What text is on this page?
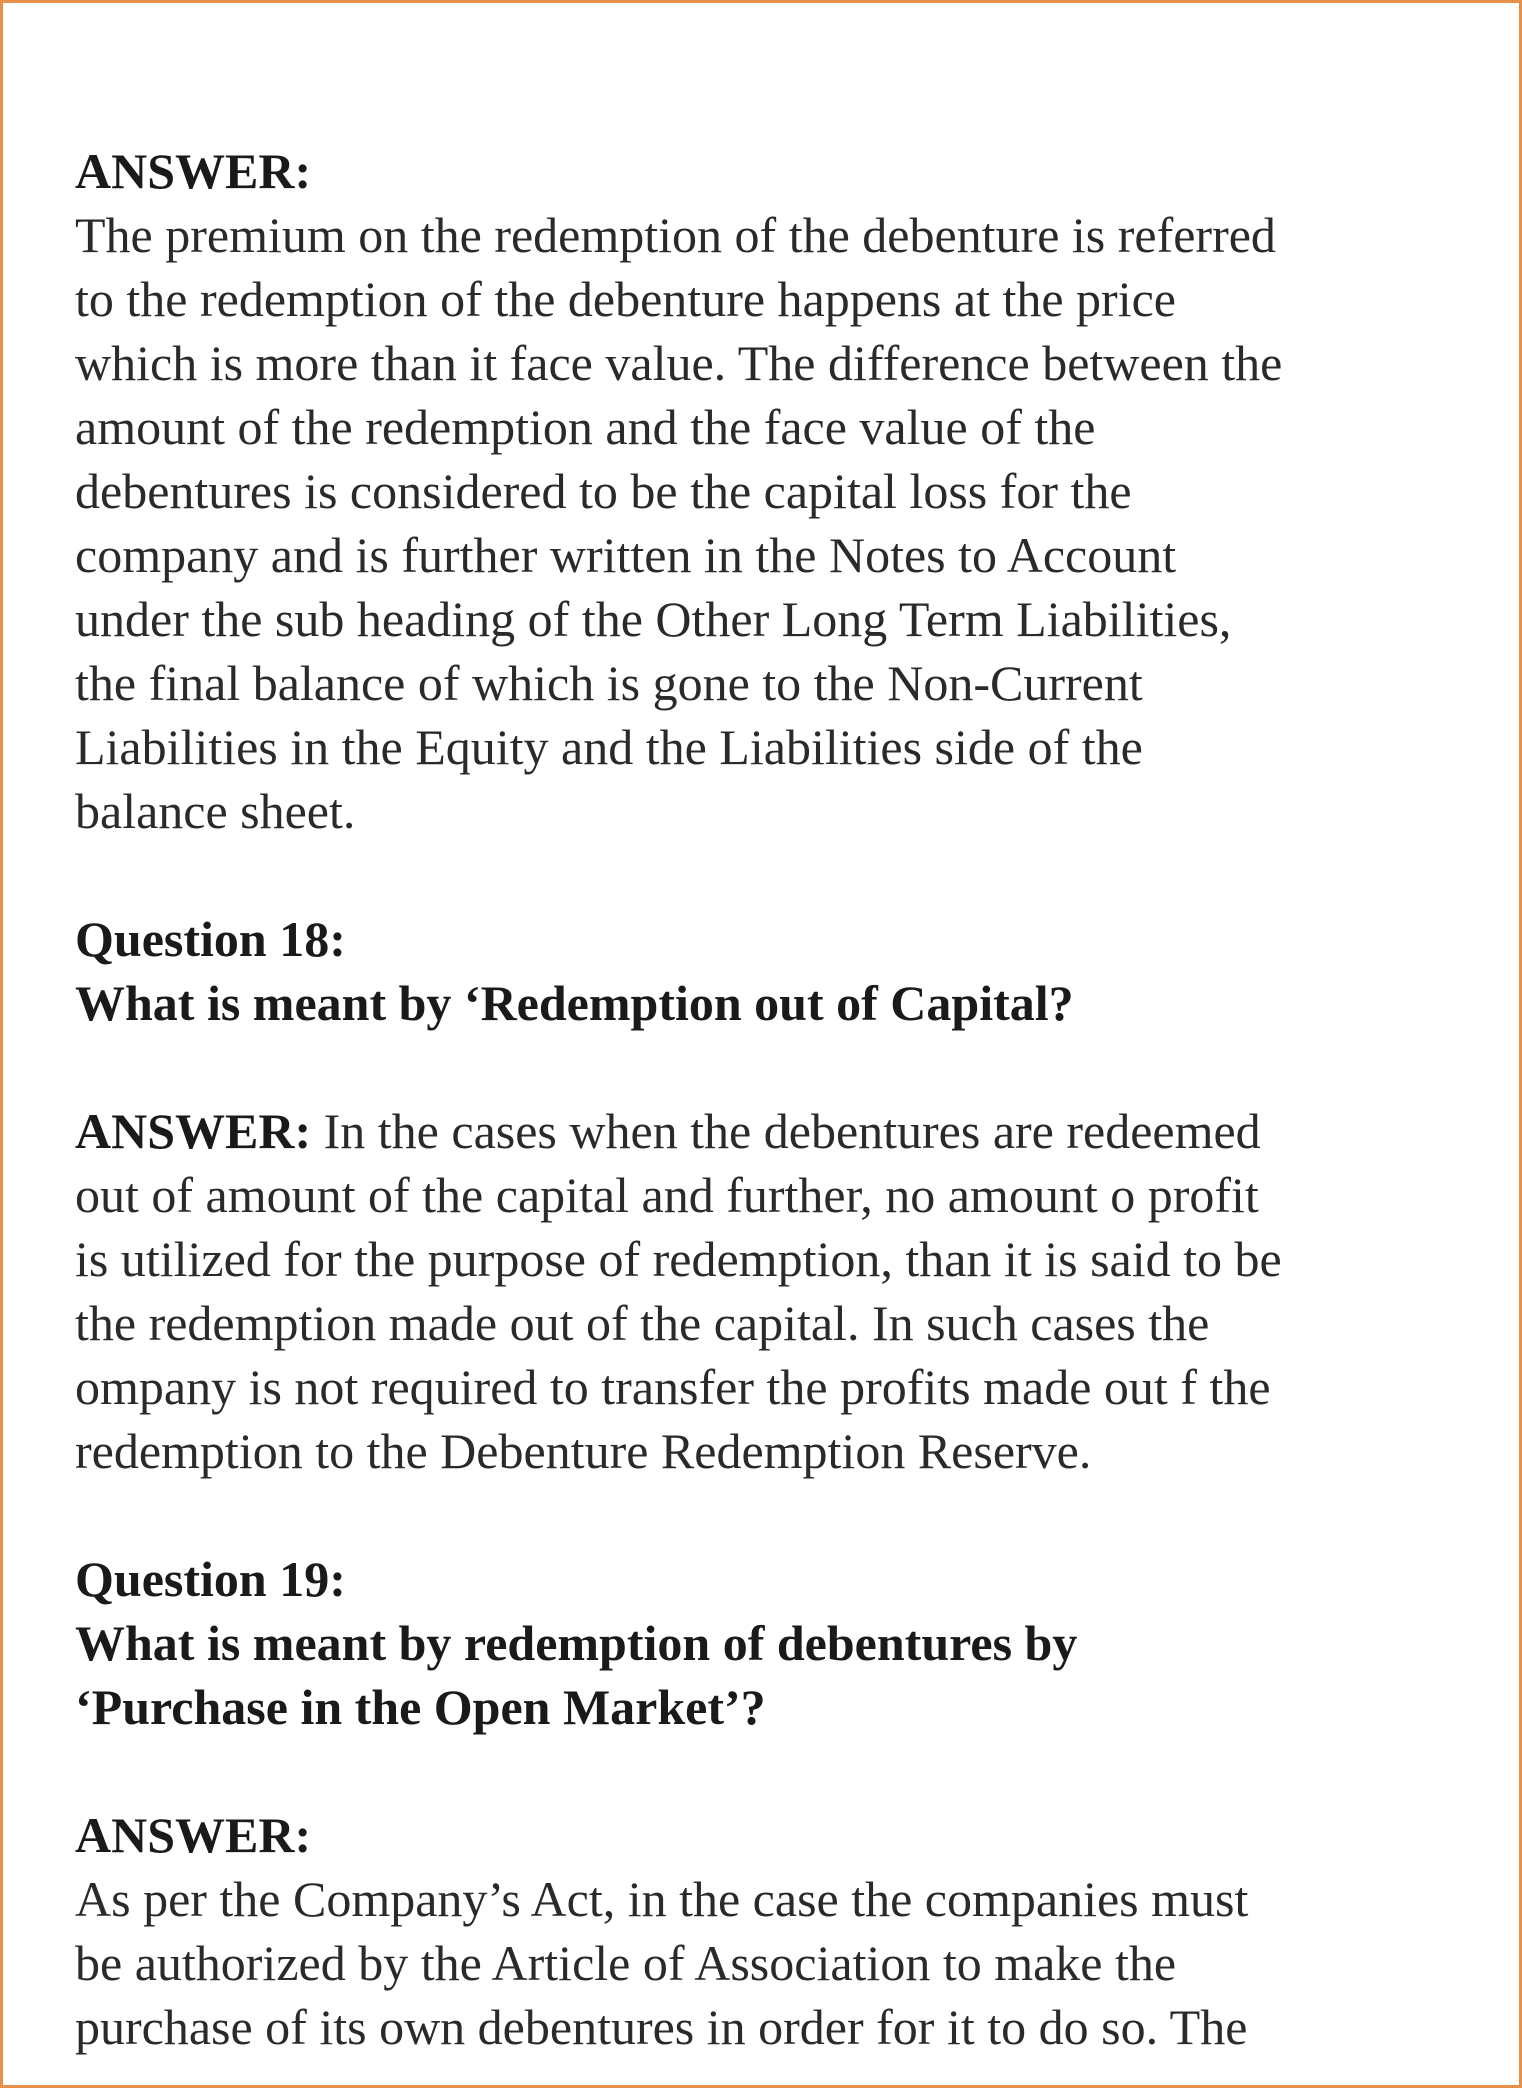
ANSWER:
The premium on the redemption of the debenture is referred
to the redemption of the debenture happens at the price
which is more than it face value. The difference between the
amount of the redemption and the face value of the
debentures is considered to be the capital loss for the
company and is further written in the Notes to Account
under the sub heading of the Other Long Term Liabilities,
the final balance of which is gone to the Non-Current
Liabilities in the Equity and the Liabilities side of the
balance sheet.
Question 18:
What is meant by ‘Redemption out of Capital?
ANSWER: In the cases when the debentures are redeemed
out of amount of the capital and further, no amount o profit
is utilized for the purpose of redemption, than it is said to be
the redemption made out of the capital. In such cases the
ompany is not required to transfer the profits made out f the
redemption to the Debenture Redemption Reserve.
Question 19:
What is meant by redemption of debentures by
‘Purchase in the Open Market’?
ANSWER:
As per the Company’s Act, in the case the companies must
be authorized by the Article of Association to make the
purchase of its own debentures in order for it to do so. The
